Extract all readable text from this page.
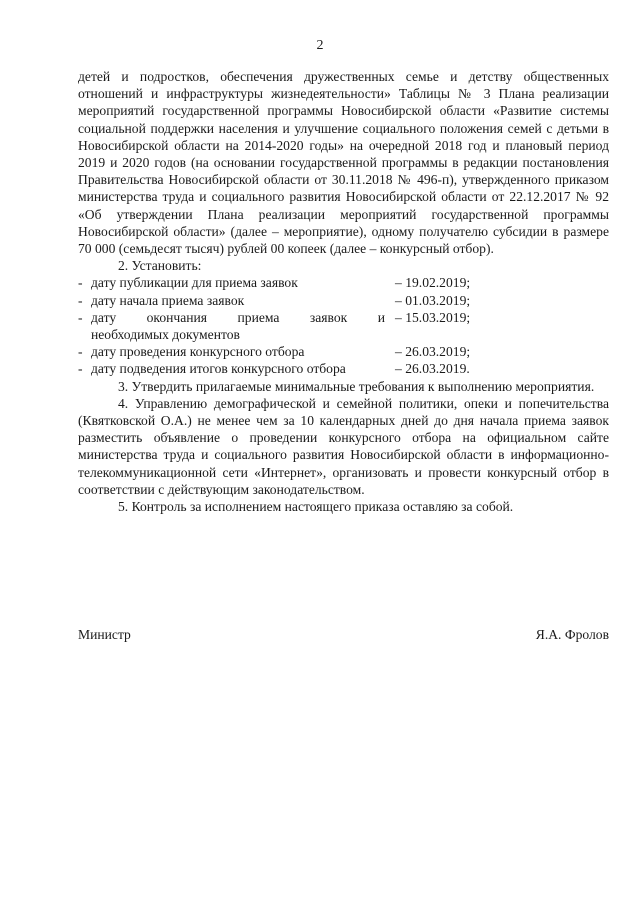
2

детей и подростков, обеспечения дружественных семье и детству общественных отношений и инфраструктуры жизнедеятельности» Таблицы № 3 Плана реализации мероприятий государственной программы Новосибирской области «Развитие системы социальной поддержки населения и улучшение социального положения семей с детьми в Новосибирской области на 2014-2020 годы» на очередной 2018 год и плановый период 2019 и 2020 годов (на основании государственной программы в редакции постановления Правительства Новосибирской области от 30.11.2018 № 496-п), утвержденного приказом министерства труда и социального развития Новосибирской области от 22.12.2017 № 92 «Об утверждении Плана реализации мероприятий государственной программы Новосибирской области» (далее – мероприятие), одному получателю субсидии в размере 70 000 (семьдесят тысяч) рублей 00 копеек (далее – конкурсный отбор).

2. Установить:

- дату публикации для приема заявок	– 19.02.2019;
- дату начала приема заявок	– 01.03.2019;
- дату окончания приема заявок и – 15.03.2019;
необходимых документов
- дату проведения конкурсного отбора	– 26.03.2019;
- дату подведения итогов конкурсного отбора	– 26.03.2019.

3. Утвердить прилагаемые минимальные требования к выполнению мероприятия.

4. Управлению демографической и семейной политики, опеки и попечительства (Квятковской О.А.) не менее чем за 10 календарных дней до дня начала приема заявок разместить объявление о проведении конкурсного отбора на официальном сайте министерства труда и социального развития Новосибирской области в информационно-телекоммуникационной сети «Интернет», организовать и провести конкурсный отбор в соответствии с действующим законодательством.

5. Контроль за исполнением настоящего приказа оставляю за собой.

Министр	Я.А. Фролов
